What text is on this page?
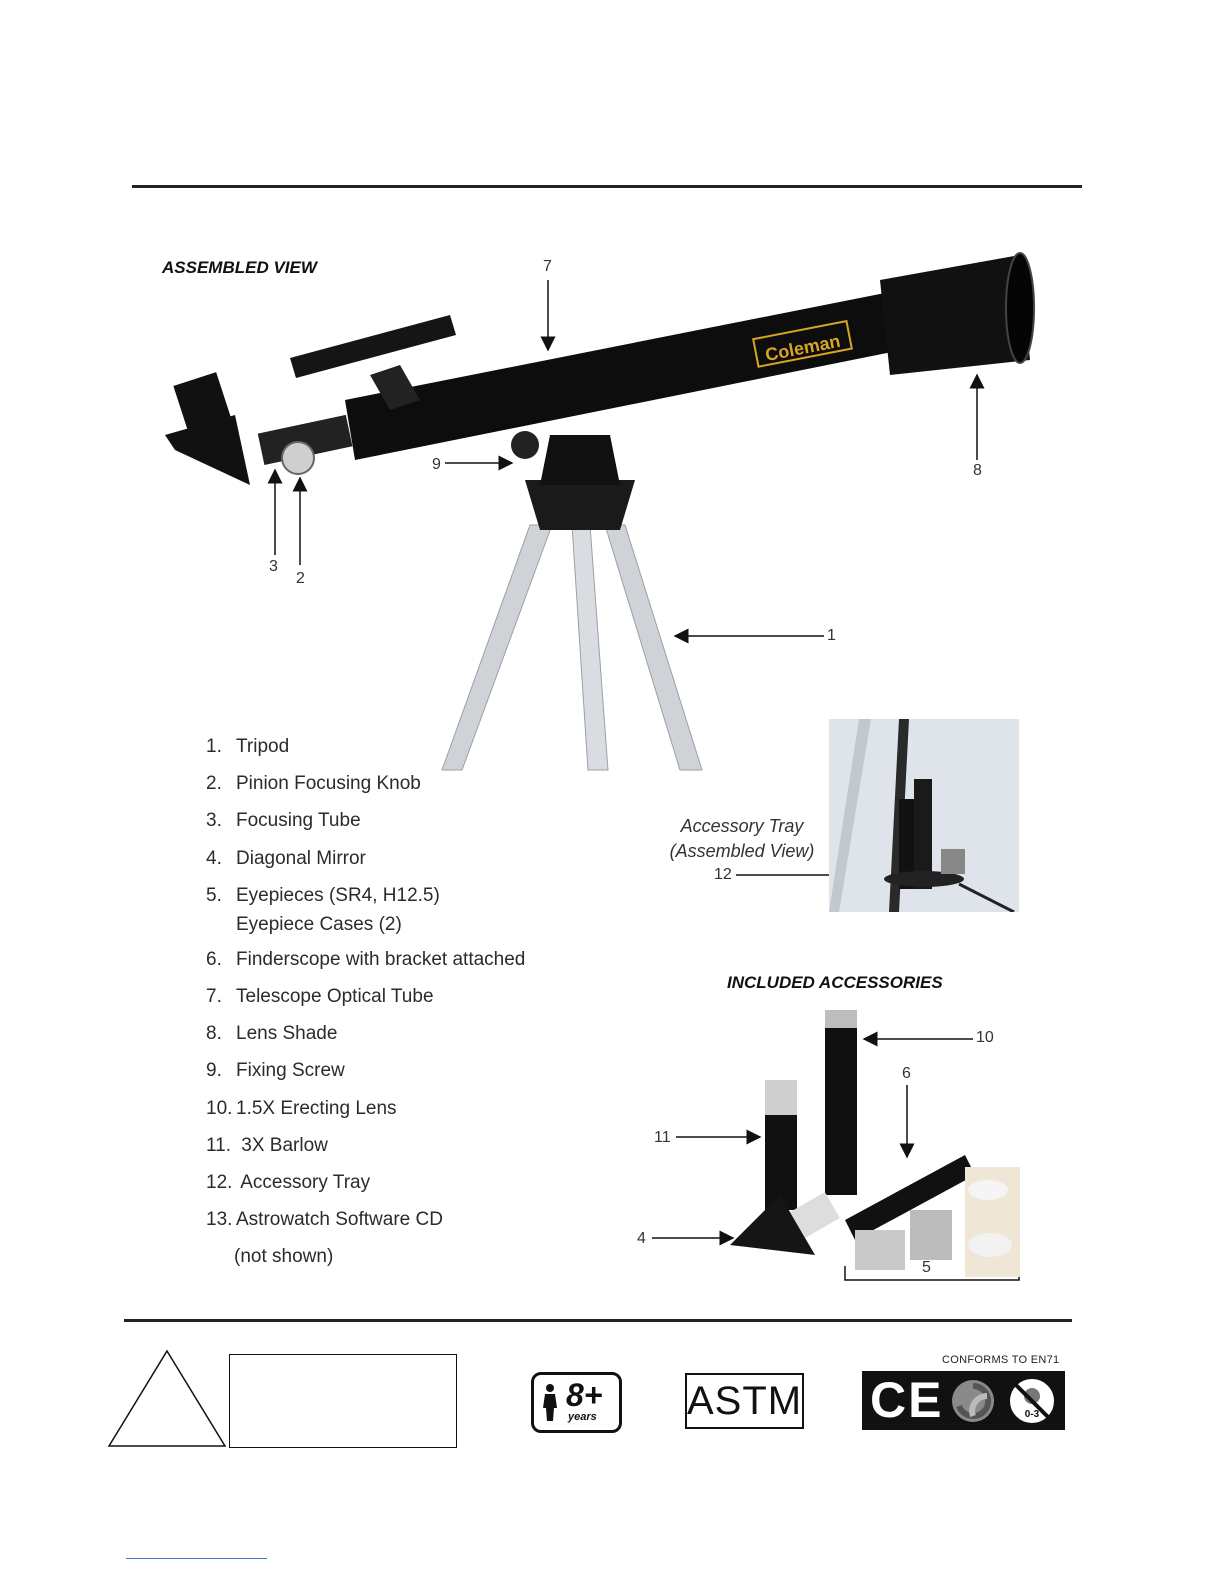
ASSEMBLED VIEW
Coleman
7
8
9
3
2
1
1. Tripod
2. Pinion Focusing Knob
3. Focusing Tube
4. Diagonal Mirror
5. Eyepieces (SR4, H12.5)
Eyepiece Cases (2)
6. Finderscope with bracket attached
7. Telescope Optical Tube
8. Lens Shade
9. Fixing Screw
10. 1.5X Erecting Lens
11. 3X Barlow
12. Accessory Tray
13. Astrowatch Software CD
(not shown)
Accessory Tray
(Assembled View)
12
INCLUDED ACCESSORIES
10
6
11
4
5
8+
years ASTM
CONFORMS TO EN71
CE	0-3
